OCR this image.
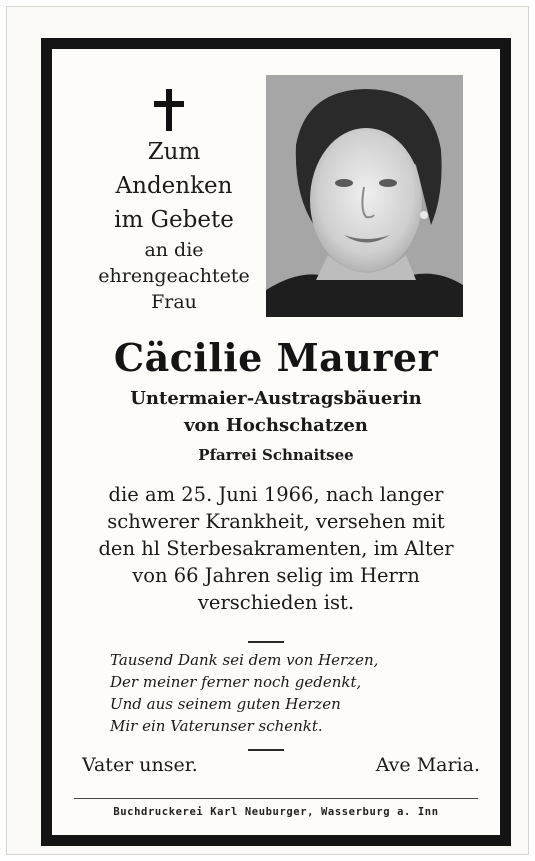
Zum
Andenken
im Gebete
an die
ehrengeachtete
Frau
Cäcilie Maurer
Untermaier-Austragsbäuerin
von Hochschatzen
Pfarrei Schnaitsee
die am 25. Juni 1966, nach langer
schwerer Krankheit, versehen mit
den hl Sterbesakramenten, im Alter
von 66 Jahren selig im Herrn
verschieden ist.
Tausend Dank sei dem von Herzen,
Der meiner ferner noch gedenkt,
Und aus seinem guten Herzen
Mir ein Vaterunser schenkt.
Vater unser.	Ave Maria.
Buchdruckerei Karl Neuburger, Wasserburg a. Inn
